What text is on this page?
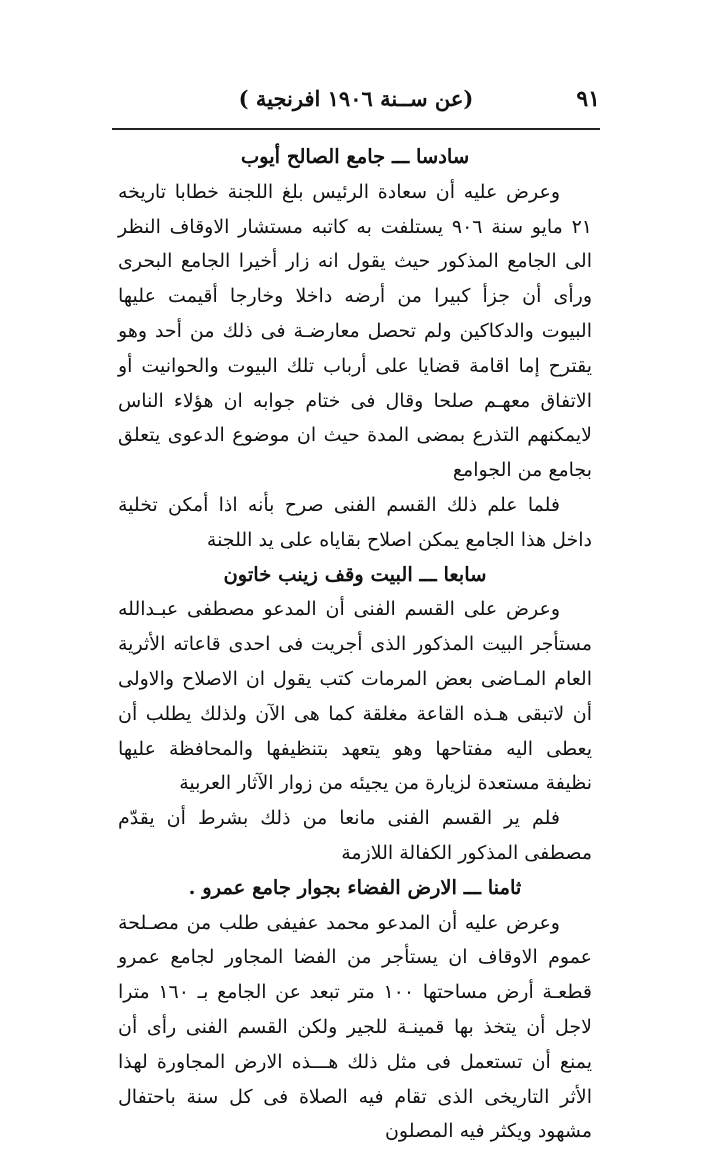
٩١
(عن ســنة ١٩٠٦ افرنجية )

سادسا ـــ جامع الصالح أيوب

وعرض عليه أن سعادة الرئيس بلغ اللجنة خطابا تاريخه ٢١ مايو سنة ٩٠٦ يستلفت به كاتبه مستشار الاوقاف النظر الى الجامع المذكور حيث يقول انه زار أخيرا الجامع البحرى ورأى أن جزأ كبيرا من أرضه داخلا وخارجا أقيمت عليها البيوت والدكاكين ولم تحصل معارضـة فى ذلك من أحد وهو يقترح إما اقامة قضايا على أرباب تلك البيوت والحوانيت أو الاتفاق معهـم صلحا وقال فى ختام جوابه ان هؤلاء الناس لايمكنهم التذرع بمضى المدة حيث ان موضوع الدعوى يتعلق بجامع من الجوامع

فلما علم ذلك القسم الفنى صرح بأنه اذا أمكن تخلية داخل هذا الجامع يمكن اصلاح بقاياه على يد اللجنة

سابعا ـــ البيت وقف زينب خاتون

وعرض على القسم الفنى أن المدعو مصطفى عبـدالله مستأجر البيت المذكور الذى أجريت فى احدى قاعاته الأثرية العام المـاضى بعض المرمات كتب يقول ان الاصلاح والاولى أن لاتبقى هـذه القاعة مغلقة كما هى الآن ولذلك يطلب أن يعطى اليه مفتاحها وهو يتعهد بتنظيفها والمحافظة عليها نظيفة مستعدة لزيارة من يجيئه من زوار الآثار العربية

فلم ير القسم الفنى مانعا من ذلك بشرط أن يقدّم مصطفى المذكور الكفالة اللازمة

ثامنا ـــ الارض الفضاء بجوار جامع عمرو .

وعرض عليه أن المدعو محمد عفيفى طلب من مصـلحة عموم الاوقاف ان يستأجر من الفضا المجاور لجامع عمرو قطعـة أرض مساحتها ١٠٠ متر تبعد عن الجامع بـ ١٦٠ مترا لاجل أن يتخذ بها قمينـة للجير ولكن القسم الفنى رأى أن يمنع أن تستعمل فى مثل ذلك هـــذه الارض المجاورة لهذا الأثر التاريخى الذى تقام فيه الصلاة فى كل سنة باحتفال مشهود ويكثر فيه المصلون
